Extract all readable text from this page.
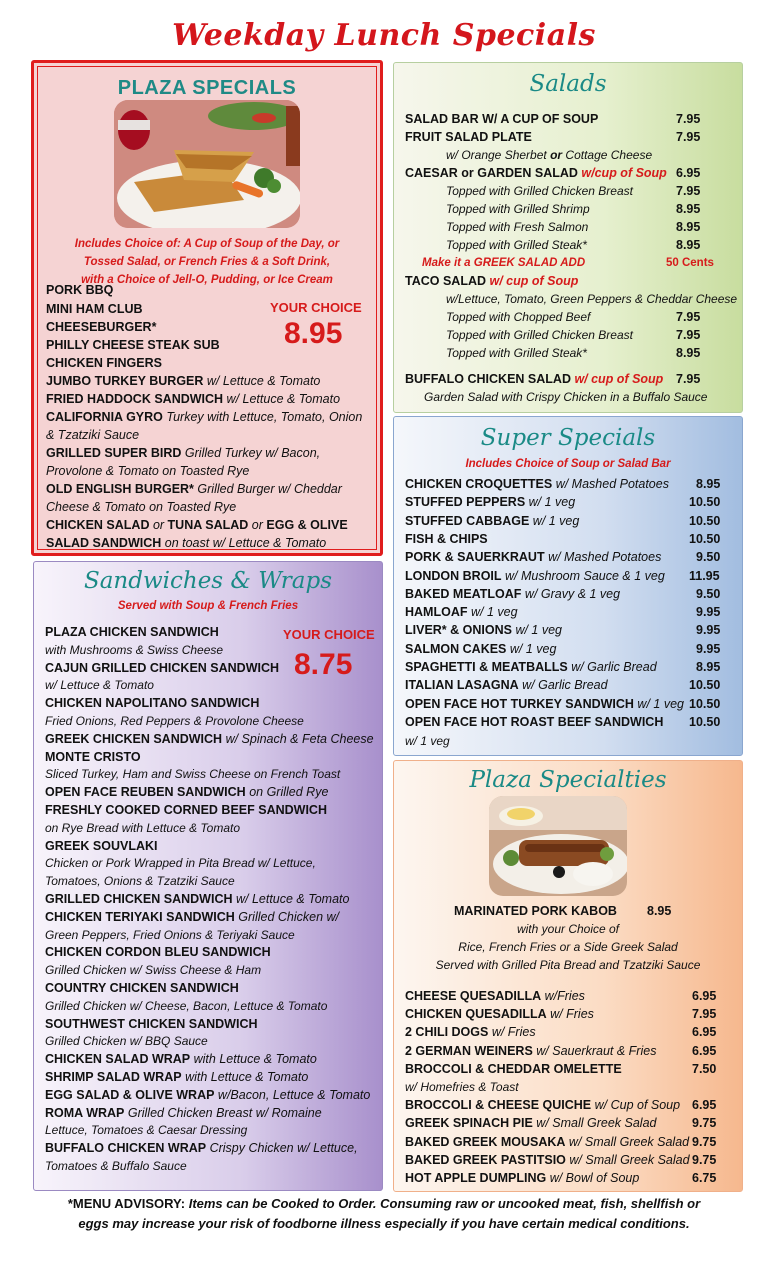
Weekday Lunch Specials
PLAZA SPECIALS
Includes Choice of: A Cup of Soup of the Day, or
Tossed Salad, or French Fries & a Soft Drink,
with a Choice of Jell-O, Pudding, or Ice Cream
PORK BBQ
MINI HAM CLUB
CHEESEBURGER*
PHILLY CHEESE STEAK SUB
CHICKEN FINGERS
YOUR CHOICE
8.95
JUMBO TURKEY BURGER w/ Lettuce & Tomato
FRIED HADDOCK SANDWICH w/ Lettuce & Tomato
CALIFORNIA GYRO Turkey with Lettuce, Tomato, Onion
& Tzatziki Sauce
GRILLED SUPER BIRD Grilled Turkey w/ Bacon,
Provolone & Tomato on Toasted Rye
OLD ENGLISH BURGER* Grilled Burger w/ Cheddar
Cheese & Tomato on Toasted Rye
CHICKEN SALAD or TUNA SALAD or EGG & OLIVE
SALAD SANDWICH on toast w/ Lettuce & Tomato
Salads
SALAD BAR W/ A CUP OF SOUP	7.95
FRUIT SALAD PLATE	7.95
w/ Orange Sherbet or Cottage Cheese
CAESAR or GARDEN SALAD w/cup of Soup 6.95
Topped with Grilled Chicken Breast	7.95
Topped with Grilled Shrimp	8.95
Topped with Fresh Salmon	8.95
Topped with Grilled Steak*	8.95
Make it a GREEK SALAD ADD	50 Cents
TACO SALAD w/ cup of Soup
w/Lettuce, Tomato, Green Peppers & Cheddar Cheese
Topped with Chopped Beef	7.95
Topped with Grilled Chicken Breast	7.95
Topped with Grilled Steak*	8.95
BUFFALO CHICKEN SALAD w/ cup of Soup 7.95
Garden Salad with Crispy Chicken in a Buffalo Sauce
Super Specials
Includes Choice of Soup or Salad Bar
CHICKEN CROQUETTES w/ Mashed Potatoes 8.95
STUFFED PEPPERS w/ 1 veg	10.50
STUFFED CABBAGE w/ 1 veg	10.50
FISH & CHIPS	10.50
PORK & SAUERKRAUT w/ Mashed Potatoes	9.50
LONDON BROIL w/ Mushroom Sauce & 1 veg 11.95
BAKED MEATLOAF w/ Gravy & 1 veg	9.50
HAMLOAF w/ 1 veg	9.95
LIVER* & ONIONS w/ 1 veg	9.95
SALMON CAKES w/ 1 veg	9.95
SPAGHETTI & MEATBALLS w/ Garlic Bread	8.95
ITALIAN LASAGNA w/ Garlic Bread	10.50
OPEN FACE HOT TURKEY SANDWICH w/ 1 veg 10.50
OPEN FACE HOT ROAST BEEF SANDWICH 10.50
w/ 1 veg
Sandwiches & Wraps
Served with Soup & French Fries
YOUR CHOICE
8.75
PLAZA CHICKEN SANDWICH
with Mushrooms & Swiss Cheese
CAJUN GRILLED CHICKEN SANDWICH
w/ Lettuce & Tomato
CHICKEN NAPOLITANO SANDWICH
Fried Onions, Red Peppers & Provolone Cheese
GREEK CHICKEN SANDWICH w/ Spinach & Feta Cheese
MONTE CRISTO
Sliced Turkey, Ham and Swiss Cheese on French Toast
OPEN FACE REUBEN SANDWICH on Grilled Rye
FRESHLY COOKED CORNED BEEF SANDWICH
on Rye Bread with Lettuce & Tomato
GREEK SOUVLAKI
Chicken or Pork Wrapped in Pita Bread w/ Lettuce,
Tomatoes, Onions & Tzatziki Sauce
GRILLED CHICKEN SANDWICH w/ Lettuce & Tomato
CHICKEN TERIYAKI SANDWICH Grilled Chicken w/
Green Peppers, Fried Onions & Teriyaki Sauce
CHICKEN CORDON BLEU SANDWICH
Grilled Chicken w/ Swiss Cheese & Ham
COUNTRY CHICKEN SANDWICH
Grilled Chicken w/ Cheese, Bacon, Lettuce & Tomato
SOUTHWEST CHICKEN SANDWICH
Grilled Chicken w/ BBQ Sauce
CHICKEN SALAD WRAP with Lettuce & Tomato
SHRIMP SALAD WRAP with Lettuce & Tomato
EGG SALAD & OLIVE WRAP w/Bacon, Lettuce & Tomato
ROMA WRAP Grilled Chicken Breast w/ Romaine
Lettuce, Tomatoes & Caesar Dressing
BUFFALO CHICKEN WRAP Crispy Chicken w/ Lettuce,
Tomatoes & Buffalo Sauce
Plaza Specialties
MARINATED PORK KABOB 8.95
with your Choice of
Rice, French Fries or a Side Greek Salad
Served with Grilled Pita Bread and Tzatziki Sauce
CHEESE QUESADILLA w/Fries	6.95
CHICKEN QUESADILLA w/ Fries	7.95
2 CHILI DOGS w/ Fries	6.95
2 GERMAN WEINERS w/ Sauerkraut & Fries	6.95
BROCCOLI & CHEDDAR OMELETTE	7.50
w/ Homefries & Toast
BROCCOLI & CHEESE QUICHE w/ Cup of Soup 6.95
GREEK SPINACH PIE w/ Small Greek Salad	9.75
BAKED GREEK MOUSAKA w/ Small Greek Salad 9.75
BAKED GREEK PASTITSIO w/ Small Greek Salad 9.75
HOT APPLE DUMPLING w/ Bowl of Soup	6.75
*MENU ADVISORY: Items can be Cooked to Order. Consuming raw or uncooked meat, fish, shellfish or
eggs may increase your risk of foodborne illness especially if you have certain medical conditions.
